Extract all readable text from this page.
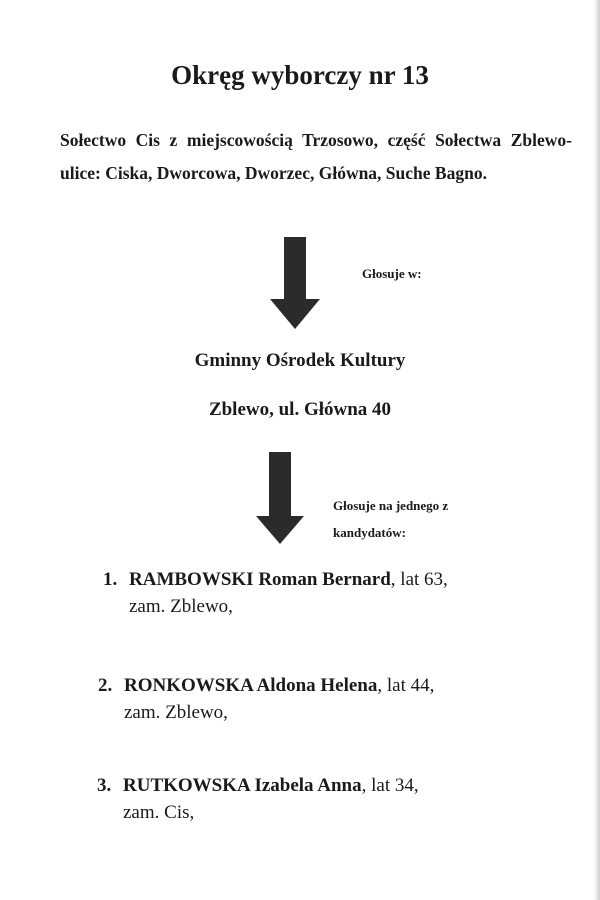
Okręg wyborczy nr 13
Sołectwo Cis z miejscowością Trzosowo, część Sołectwa Zblewo-ulice: Ciska, Dworcowa, Dworzec, Główna, Suche Bagno.
Głosuje w:
Gminny Ośrodek Kultury
Zblewo, ul. Główna 40
Głosuje na jednego z
kandydatów:
1. RAMBOWSKI Roman Bernard, lat 63,
zam. Zblewo,
2. RONKOWSKA Aldona Helena, lat 44,
zam. Zblewo,
3. RUTKOWSKA Izabela Anna, lat 34,
zam. Cis,
